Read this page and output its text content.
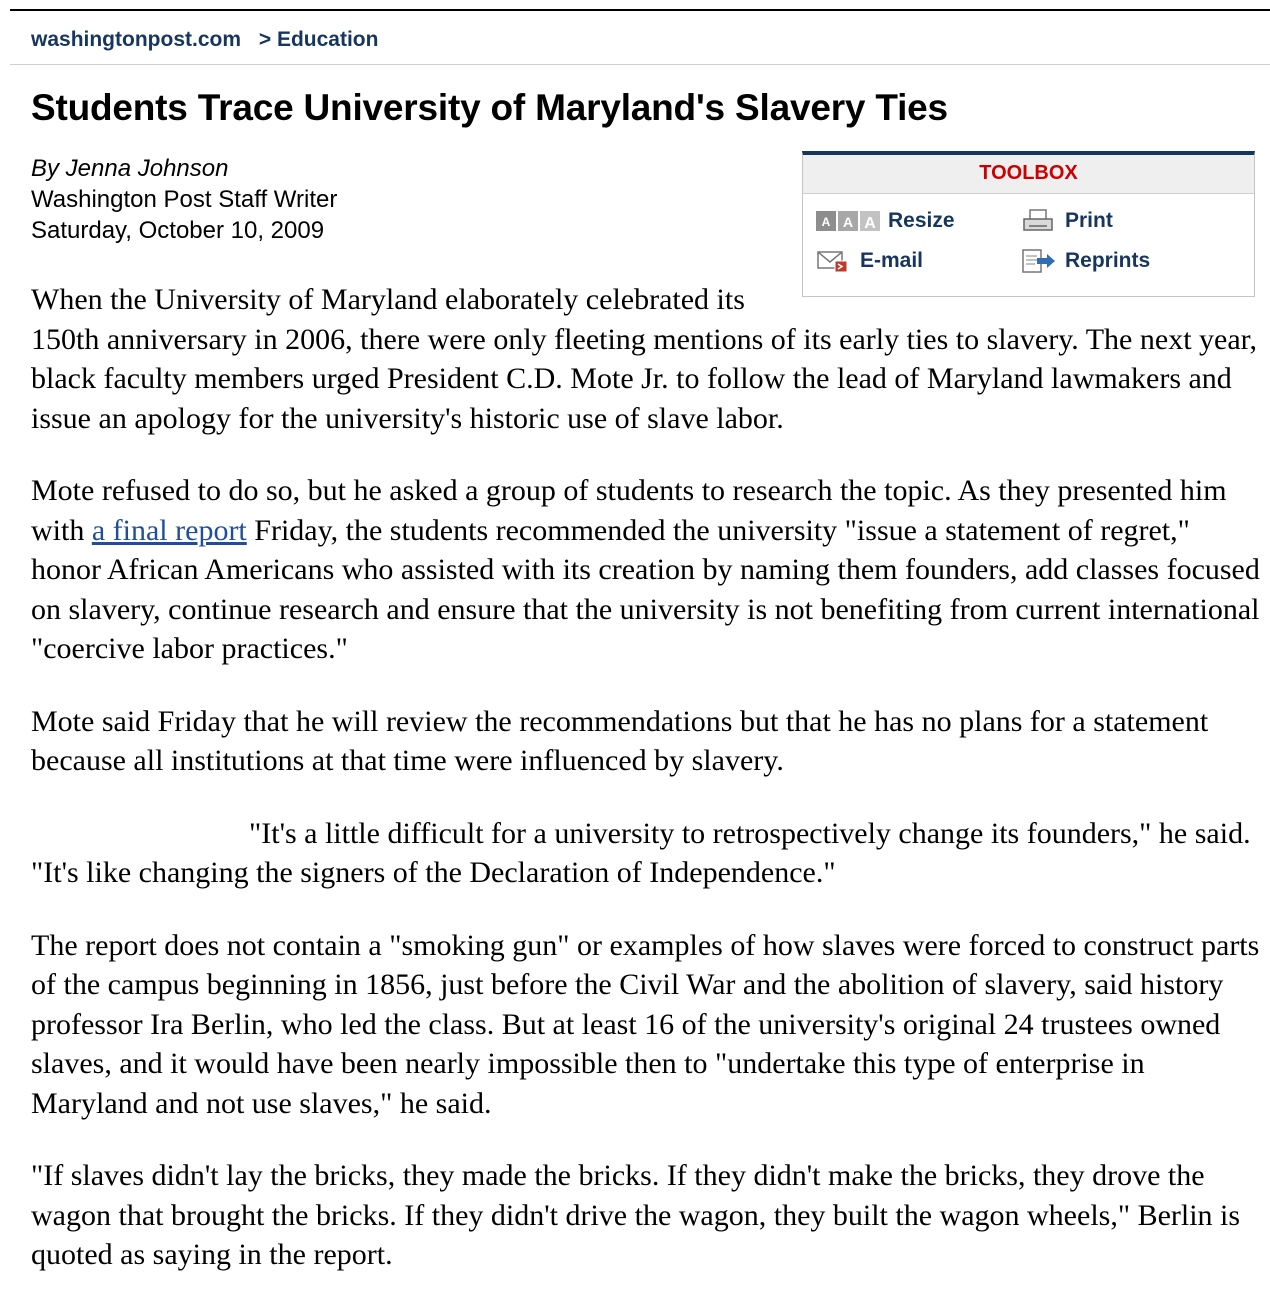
washingtonpost.com > Education
Students Trace University of Maryland's Slavery Ties
By Jenna Johnson
Washington Post Staff Writer
Saturday, October 10, 2009
TOOLBOX
A A A Resize	Print
E-mail	Reprints

When the University of Maryland elaborately celebrated its 150th anniversary in 2006, there were only fleeting mentions of its early ties to slavery. The next year, black faculty members urged President C.D. Mote Jr. to follow the lead of Maryland lawmakers and issue an apology for the university's historic use of slave labor.

Mote refused to do so, but he asked a group of students to research the topic. As they presented him with a final report Friday, the students recommended the university "issue a statement of regret," honor African Americans who assisted with its creation by naming them founders, add classes focused on slavery, continue research and ensure that the university is not benefiting from current international "coercive labor practices."

Mote said Friday that he will review the recommendations but that he has no plans for a statement because all institutions at that time were influenced by slavery.

"It's a little difficult for a university to retrospectively change its founders," he said. "It's like changing the signers of the Declaration of Independence."

The report does not contain a "smoking gun" or examples of how slaves were forced to construct parts of the campus beginning in 1856, just before the Civil War and the abolition of slavery, said history professor Ira Berlin, who led the class. But at least 16 of the university's original 24 trustees owned slaves, and it would have been nearly impossible then to "undertake this type of enterprise in Maryland and not use slaves," he said.

"If slaves didn't lay the bricks, they made the bricks. If they didn't make the bricks, they drove the wagon that brought the bricks. If they didn't drive the wagon, they built the wagon wheels," Berlin is quoted as saying in the report.
